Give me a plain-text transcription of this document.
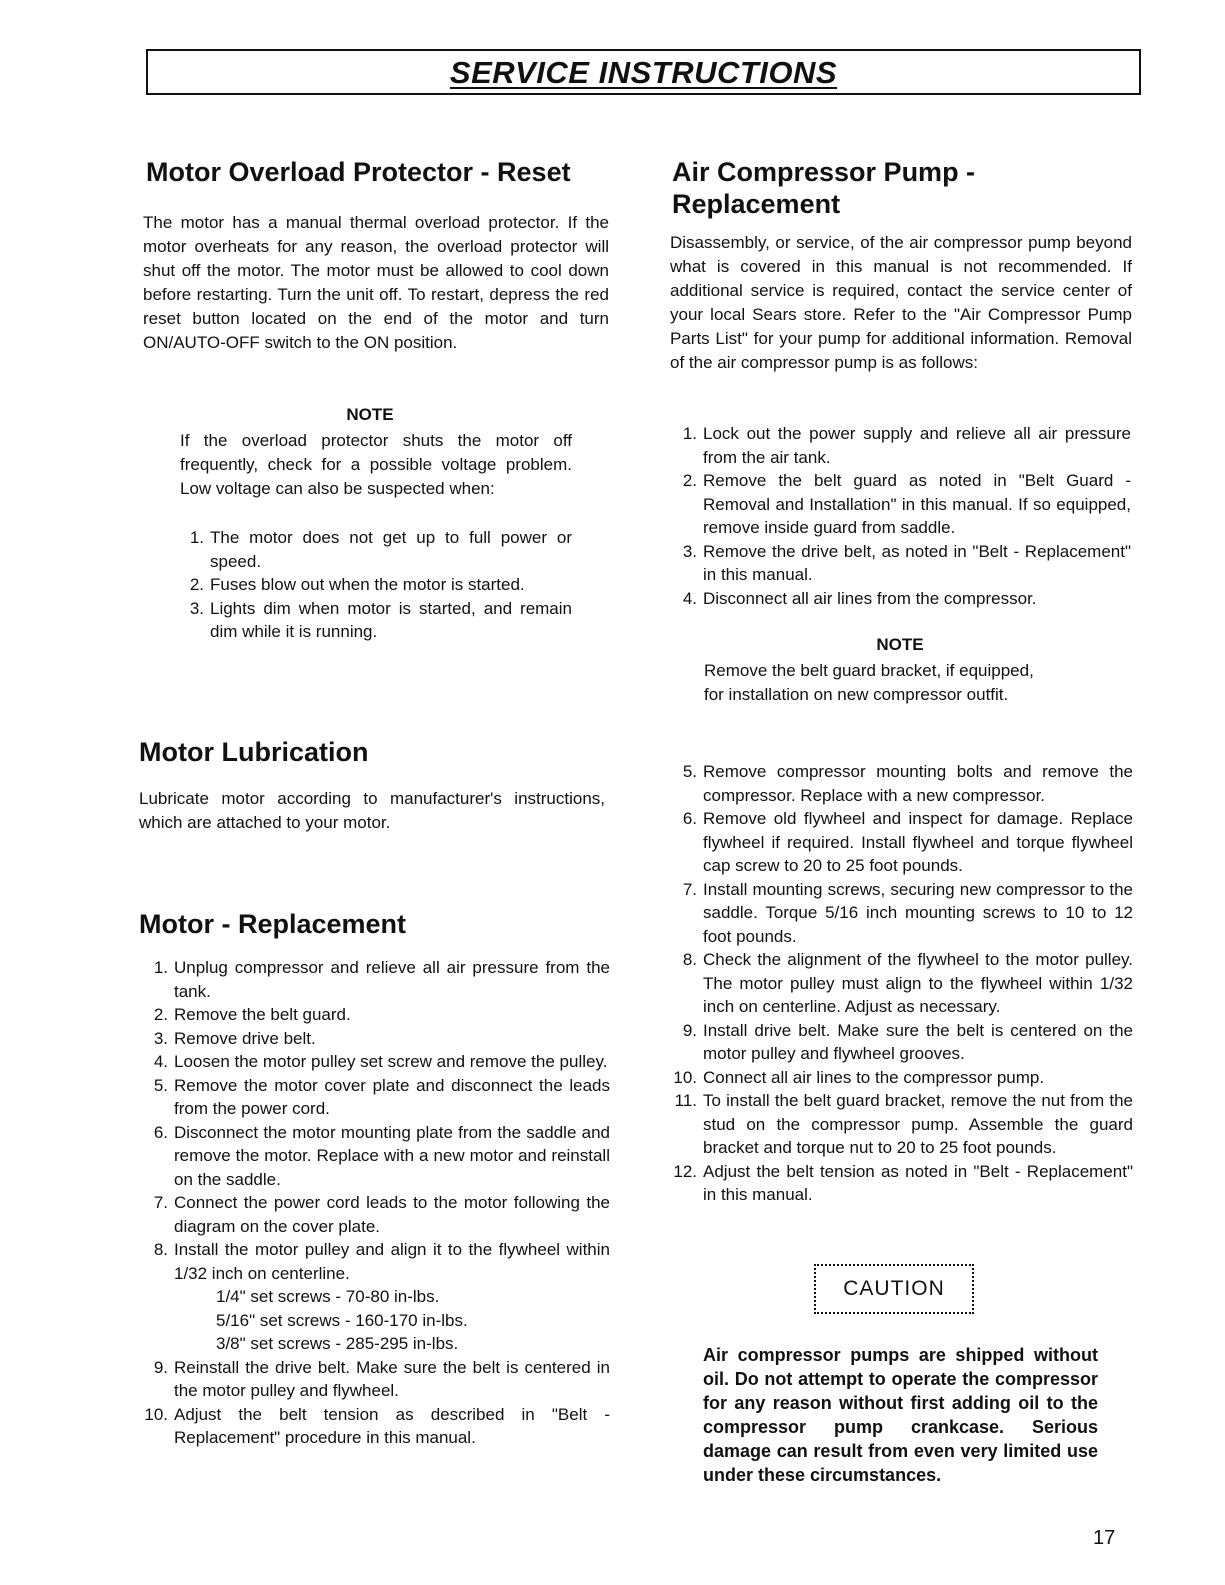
SERVICE INSTRUCTIONS
Motor Overload Protector - Reset

The motor has a manual thermal overload protector. If the motor overheats for any reason, the overload protector will shut off the motor. The motor must be allowed to cool down before restarting. Turn the unit off. To restart, depress the red reset button located on the end of the motor and turn ON/AUTO-OFF switch to the ON position.

NOTE

If the overload protector shuts the motor off frequently, check for a possible voltage problem. Low voltage can also be suspected when:

1. The motor does not get up to full power or speed.
2. Fuses blow out when the motor is started.
3. Lights dim when motor is started, and remain dim while it is running.
Motor Lubrication

Lubricate motor according to manufacturer's instructions, which are attached to your motor.

Motor - Replacement
1. Unplug compressor and relieve all air pressure from the tank.
2. Remove the belt guard.
3. Remove drive belt.
4. Loosen the motor pulley set screw and remove the pulley.
5. Remove the motor cover plate and disconnect the leads from the power cord.
6. Disconnect the motor mounting plate from the saddle and remove the motor. Replace with a new motor and reinstall on the saddle.
7. Connect the power cord leads to the motor following the diagram on the cover plate.
8. Install the motor pulley and align it to the flywheel within 1/32 inch on centerline.
1/4" set screws - 70-80 in-lbs.
5/16" set screws - 160-170 in-lbs.
3/8" set screws - 285-295 in-lbs.
9. Reinstall the drive belt. Make sure the belt is centered in the motor pulley and flywheel.
10. Adjust the belt tension as described in "Belt - Replacement" procedure in this manual.
Air Compressor Pump -
Replacement

Disassembly, or service, of the air compressor pump beyond what is covered in this manual is not recommended. If additional service is required, contact the service center of your local Sears store. Refer to the "Air Compressor Pump Parts List" for your pump for additional information. Removal of the air compressor pump is as follows:

1. Lock out the power supply and relieve all air pressure from the air tank.
2. Remove the belt guard as noted in "Belt Guard - Removal and Installation" in this manual. If so equipped, remove inside guard from saddle.
3. Remove the drive belt, as noted in "Belt - Replacement" in this manual.
4. Disconnect all air lines from the compressor.
NOTE
Remove the belt guard bracket, if equipped,
for installation on new compressor outfit.
5. Remove compressor mounting bolts and remove the compressor. Replace with a new compressor.
6. Remove old flywheel and inspect for damage. Replace flywheel if required. Install flywheel and torque flywheel cap screw to 20 to 25 foot pounds.
7. Install mounting screws, securing new compressor to the saddle. Torque 5/16 inch mounting screws to 10 to 12 foot pounds.
8. Check the alignment of the flywheel to the motor pulley. The motor pulley must align to the flywheel within 1/32 inch on centerline. Adjust as necessary.
9. Install drive belt. Make sure the belt is centered on the motor pulley and flywheel grooves.
10. Connect all air lines to the compressor pump.
11. To install the belt guard bracket, remove the nut from the stud on the compressor pump. Assemble the guard bracket and torque nut to 20 to 25 foot pounds.
12. Adjust the belt tension as noted in "Belt - Replacement" in this manual.
CAUTION

Air compressor pumps are shipped without oil. Do not attempt to operate the compressor for any reason without first adding oil to the compressor pump crankcase. Serious damage can result from even very limited use under these circumstances.

17
